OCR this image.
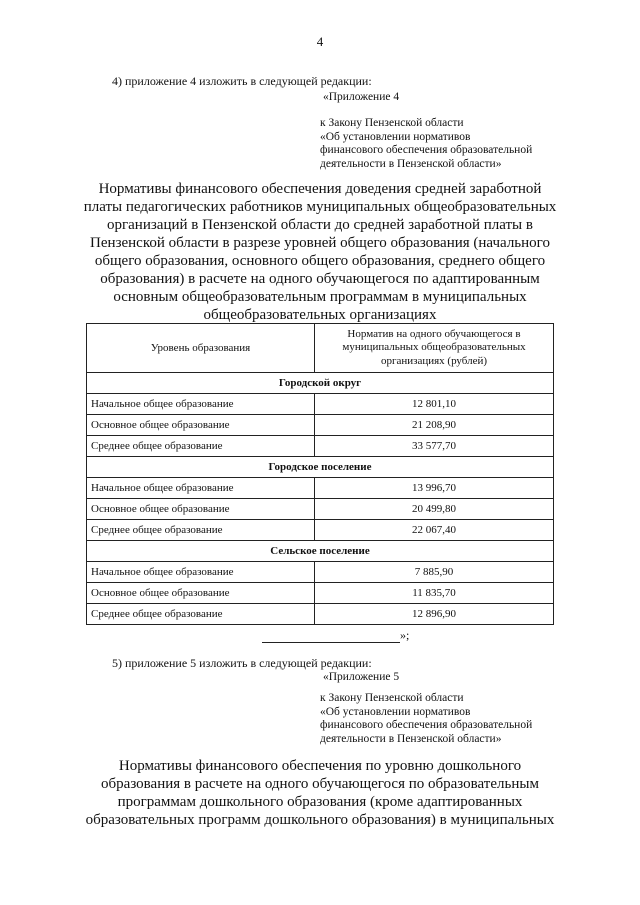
4
4) приложение 4 изложить в следующей редакции:
«Приложение 4
к Закону Пензенской области
«Об установлении нормативов
финансового обеспечения образовательной
деятельности в Пензенской области»
Нормативы финансового обеспечения доведения средней заработной
платы педагогических работников муниципальных общеобразовательных
организаций в Пензенской области до средней заработной платы в
Пензенской области в разрезе уровней общего образования (начального
общего образования, основного общего образования, среднего общего
образования) в расчете на одного обучающегося по адаптированным
основным общеобразовательным программам в муниципальных
общеобразовательных организациях
Уровень образования	Норматив на одного обучающегося в
муниципальных общеобразовательных
организациях (рублей)

Городской округ	
Начальное общее образование	12 801,10
Основное общее образование	21 208,90
Среднее общее образование	33 577,70
Городское поселение	
Начальное общее образование	13 996,70
Основное общее образование	20 499,80
Среднее общее образование	22 067,40
Сельское поселение	
Начальное общее образование	7 885,90
Основное общее образование	11 835,70
Среднее общее образование	12 896,90
»;
5) приложение 5 изложить в следующей редакции:
«Приложение 5
к Закону Пензенской области
«Об установлении нормативов
финансового обеспечения образовательной
деятельности в Пензенской области»
Нормативы финансового обеспечения по уровню дошкольного
образования в расчете на одного обучающегося по образовательным
программам дошкольного образования (кроме адаптированных
образовательных программ дошкольного образования) в муниципальных
